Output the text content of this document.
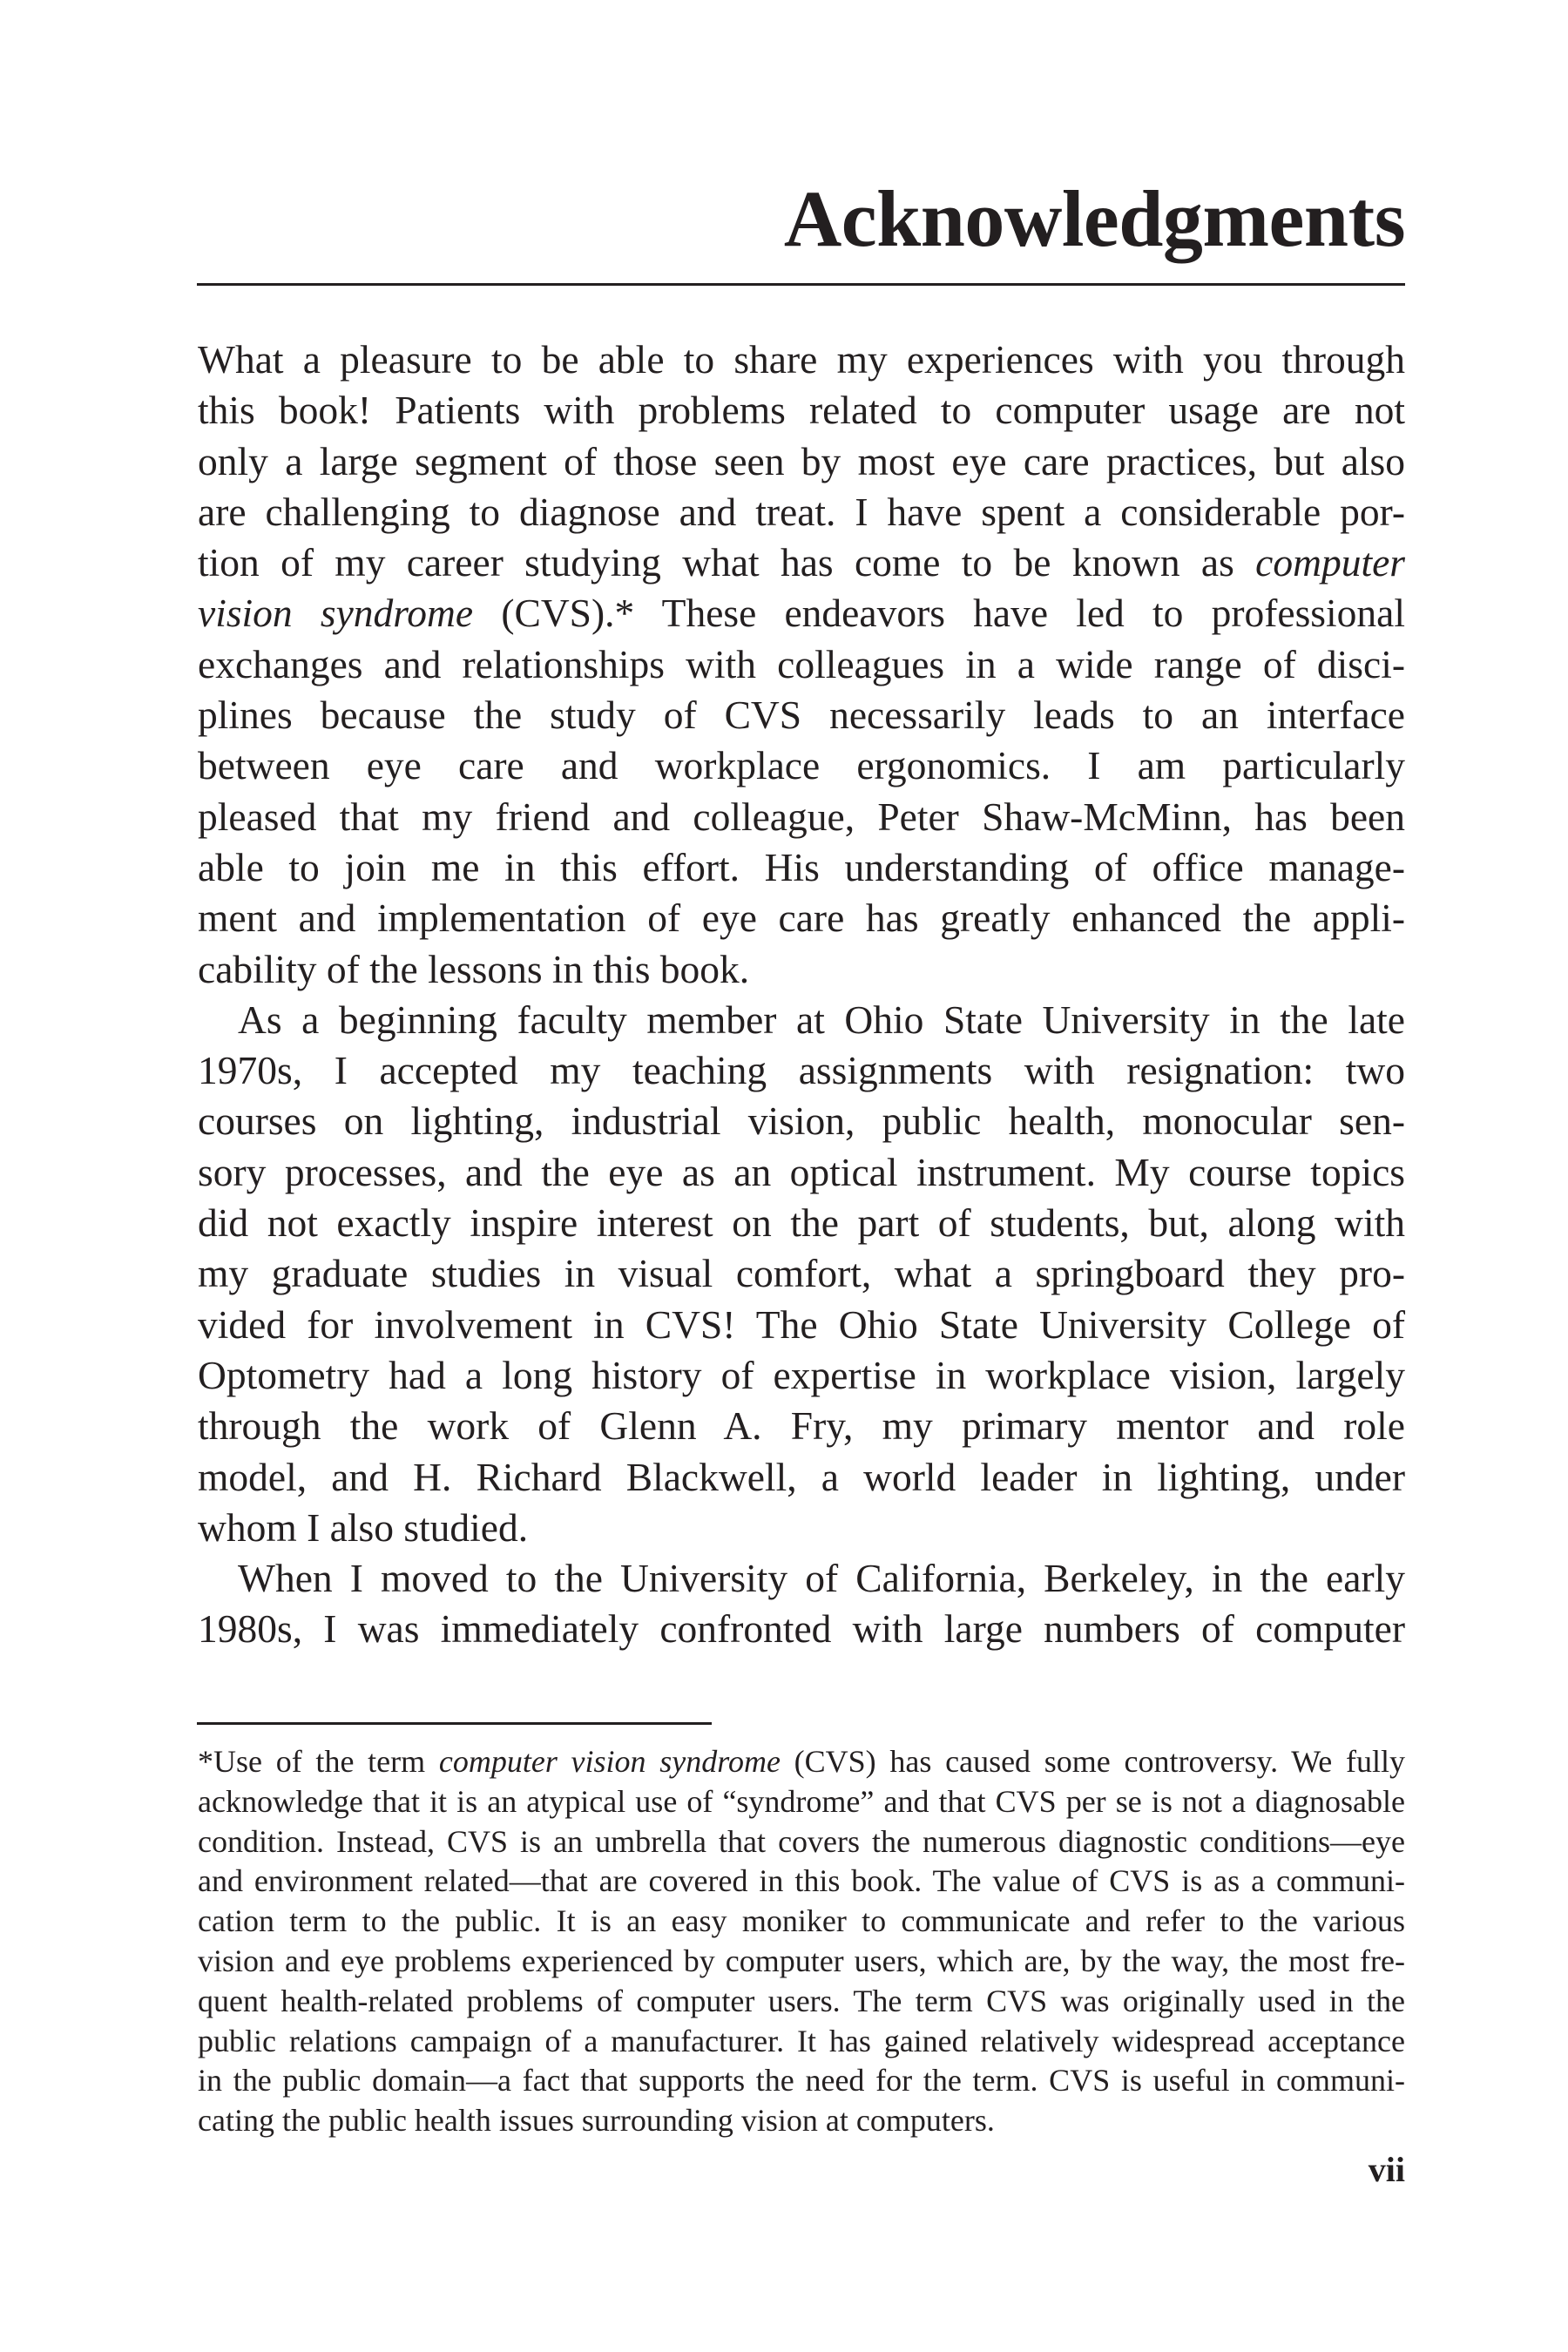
Acknowledgments
What a pleasure to be able to share my experiences with you through
this book! Patients with problems related to computer usage are not
only a large segment of those seen by most eye care practices, but also
are challenging to diagnose and treat. I have spent a considerable por-
tion of my career studying what has come to be known as computer
vision syndrome (CVS).* These endeavors have led to professional
exchanges and relationships with colleagues in a wide range of disci-
plines because the study of CVS necessarily leads to an interface
between eye care and workplace ergonomics. I am particularly
pleased that my friend and colleague, Peter Shaw-McMinn, has been
able to join me in this effort. His understanding of office manage-
ment and implementation of eye care has greatly enhanced the appli-
cability of the lessons in this book.
As a beginning faculty member at Ohio State University in the late
1970s, I accepted my teaching assignments with resignation: two
courses on lighting, industrial vision, public health, monocular sen-
sory processes, and the eye as an optical instrument. My course topics
did not exactly inspire interest on the part of students, but, along with
my graduate studies in visual comfort, what a springboard they pro-
vided for involvement in CVS! The Ohio State University College of
Optometry had a long history of expertise in workplace vision, largely
through the work of Glenn A. Fry, my primary mentor and role
model, and H. Richard Blackwell, a world leader in lighting, under
whom I also studied.
When I moved to the University of California, Berkeley, in the early
1980s, I was immediately confronted with large numbers of computer
*Use of the term computer vision syndrome (CVS) has caused some controversy. We fully
acknowledge that it is an atypical use of “syndrome” and that CVS per se is not a diagnosable
condition. Instead, CVS is an umbrella that covers the numerous diagnostic conditions—eye
and environment related—that are covered in this book. The value of CVS is as a communi-
cation term to the public. It is an easy moniker to communicate and refer to the various
vision and eye problems experienced by computer users, which are, by the way, the most fre-
quent health-related problems of computer users. The term CVS was originally used in the
public relations campaign of a manufacturer. It has gained relatively widespread acceptance
in the public domain—a fact that supports the need for the term. CVS is useful in communi-
cating the public health issues surrounding vision at computers.
vii
